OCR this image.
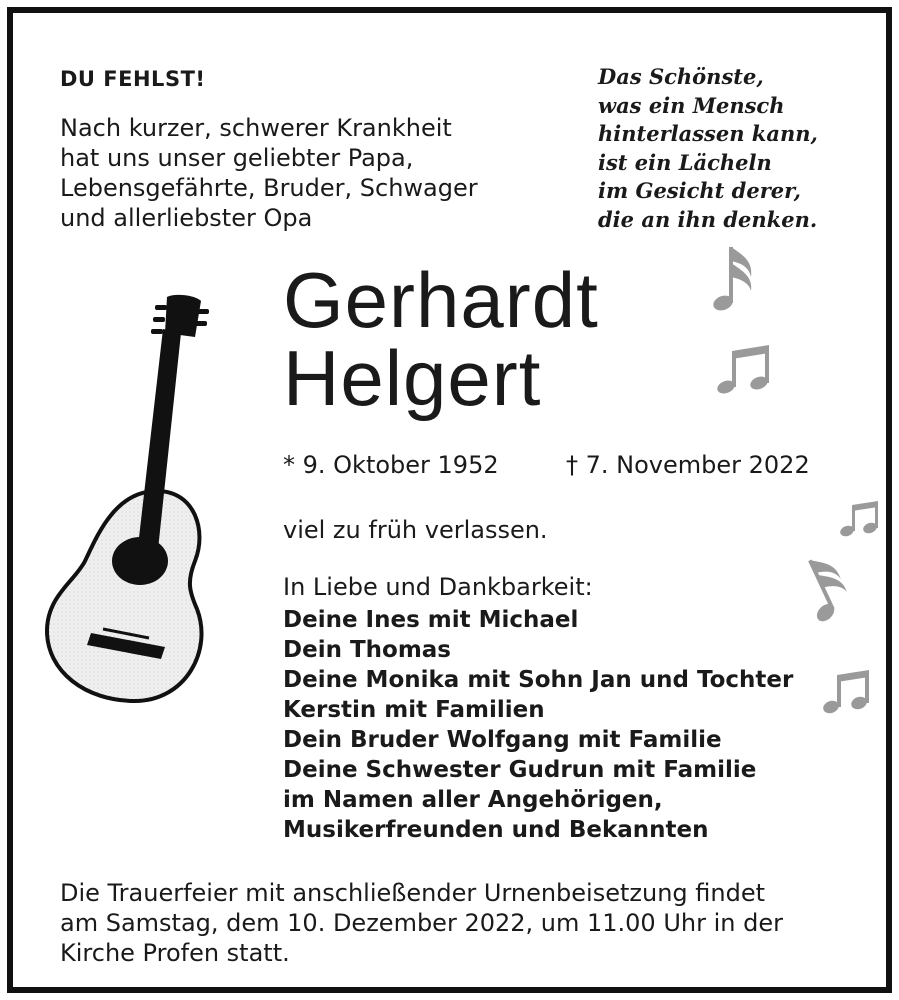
DU FEHLST!
Nach kurzer, schwerer Krankheit
hat uns unser geliebter Papa,
Lebensgefährte, Bruder, Schwager
und allerliebster Opa
Das Schönste,
was ein Mensch
hinterlassen kann,
ist ein Lächeln
im Gesicht derer,
die an ihn denken.
Gerhardt
Helgert
* 9. Oktober 1952	† 7. November 2022
viel zu früh verlassen.
In Liebe und Dankbarkeit:
Deine Ines mit Michael
Dein Thomas
Deine Monika mit Sohn Jan und Tochter
Kerstin mit Familien
Dein Bruder Wolfgang mit Familie
Deine Schwester Gudrun mit Familie
im Namen aller Angehörigen,
Musikerfreunden und Bekannten
Die Trauerfeier mit anschließender Urnenbeisetzung findet
am Samstag, dem 10. Dezember 2022, um 11.00 Uhr in der
Kirche Profen statt.
